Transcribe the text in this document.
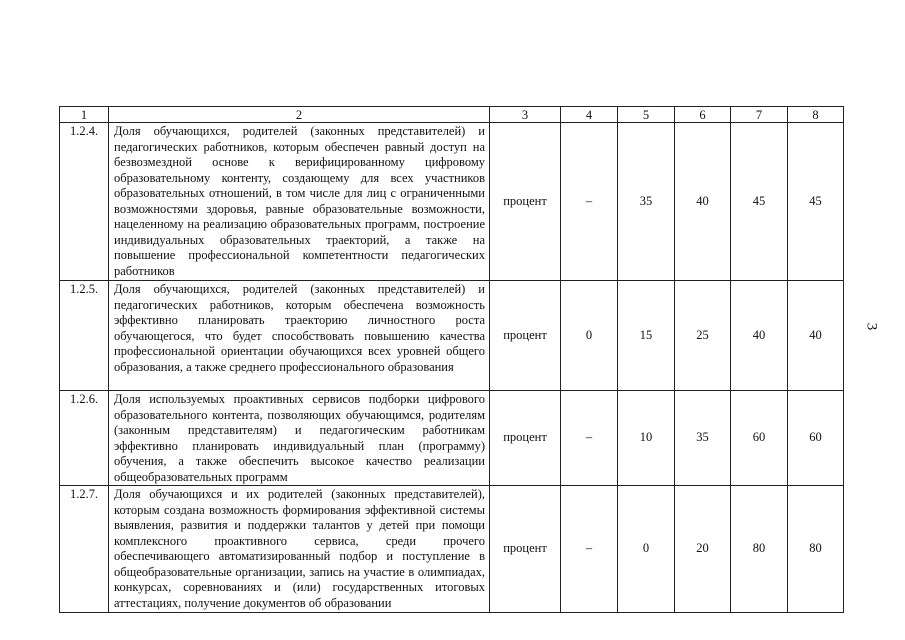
1	2	3	4	5	6	7	8
1.2.4.	Доля обучающихся, родителей (законных представителей) и педагогических работников, которым обеспечен равный доступ на безвозмездной основе к верифицированному цифровому образовательному контенту, создающему для всех участников образовательных отношений, в том числе для лиц с ограниченными возможностями здоровья, равные образовательные возможности, нацеленному на реализацию образовательных программ, построение индивидуальных образовательных траекторий, а также на повышение профессиональной компетентности педагогических работников	процент	–	35	40	45	45
1.2.5.	Доля обучающихся, родителей (законных представителей) и педагогических работников, которым обеспечена возможность эффективно планировать траекторию личностного роста обучающегося, что будет способствовать повышению качества профессиональной ориентации обучающихся всех уровней общего образования, а также среднего профессионального образования	процент	0	15	25	40	40
1.2.6.	Доля используемых проактивных сервисов подборки цифрового образовательного контента, позволяющих обучающимся, родителям (законным представителям) и педагогическим работникам эффективно планировать индивидуальный план (программу) обучения, а также обеспечить высокое качество реализации общеобразовательных программ	процент	–	10	35	60	60
1.2.7.	Доля обучающихся и их родителей (законных представителей), которым создана возможность формирования эффективной системы выявления, развития и поддержки талантов у детей при помощи комплексного проактивного сервиса, среди прочего обеспечивающего автоматизированный подбор и поступление в общеобразовательные организации, запись на участие в олимпиадах, конкурсах, соревнованиях и (или) государственных итоговых аттестациях, получение документов об образовании	процент	–	0	20	80	80
3
